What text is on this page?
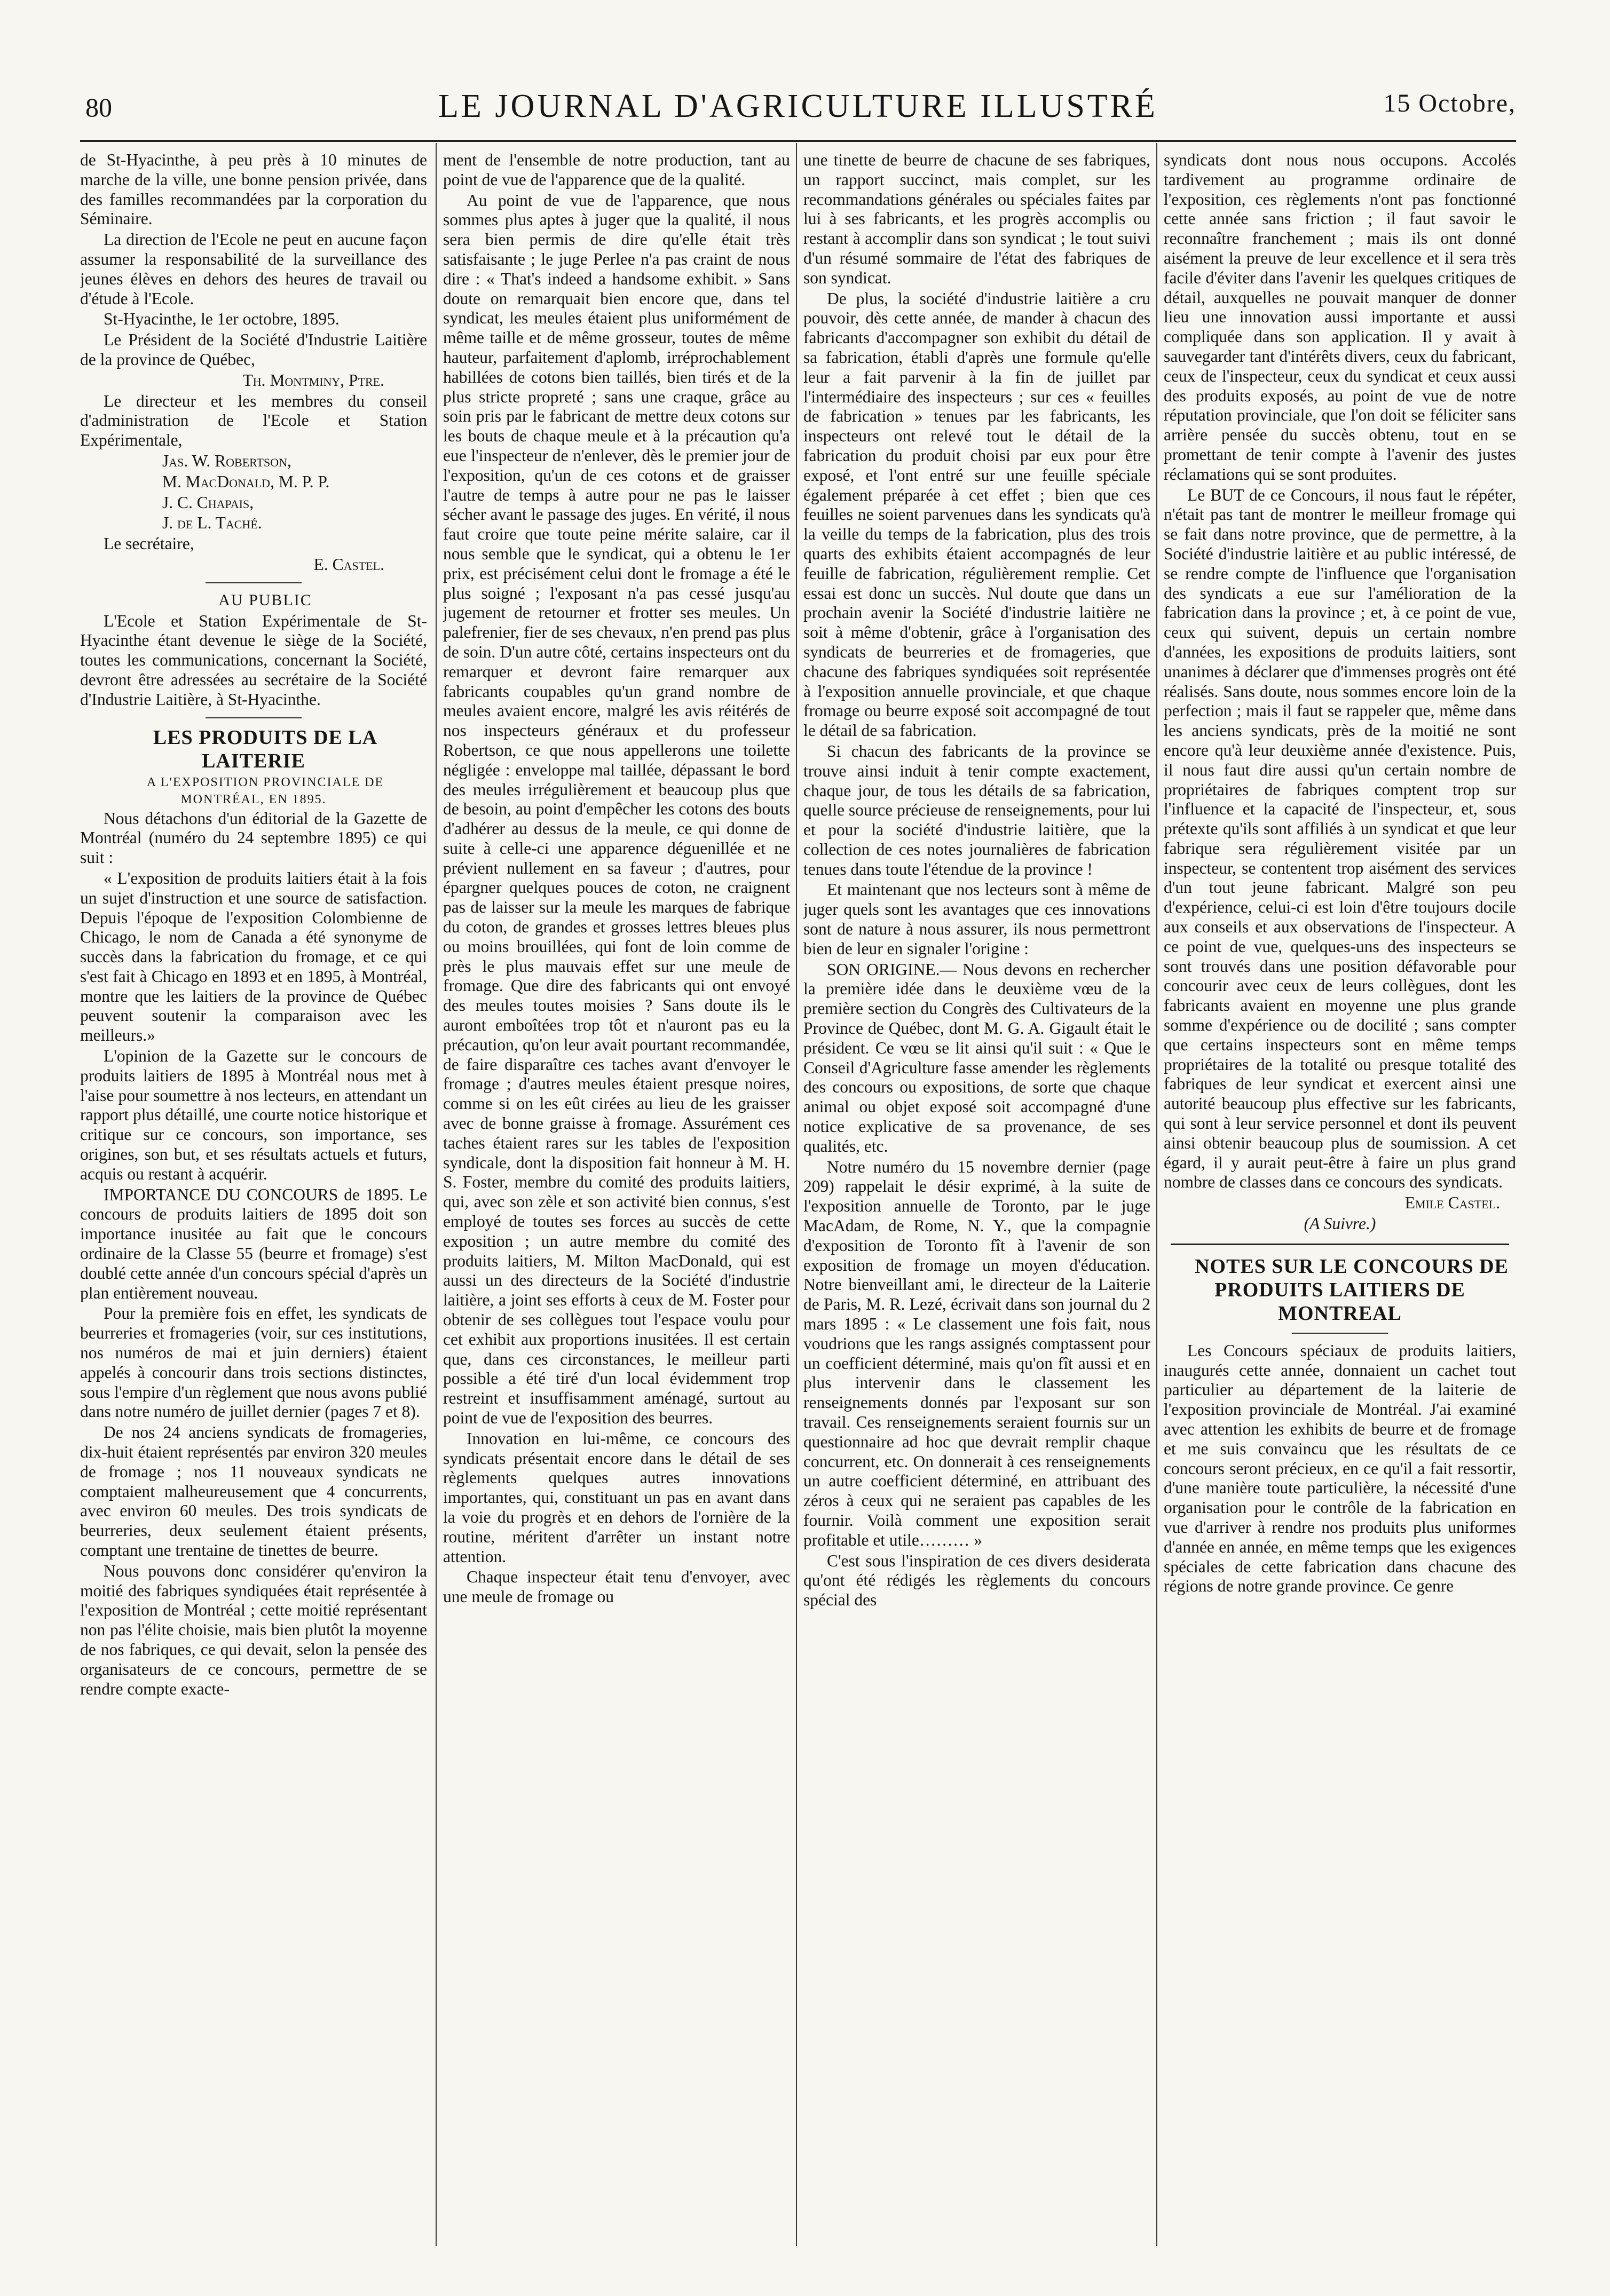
80	LE JOURNAL D'AGRICULTURE ILLUSTRÉ	15 Octobre,

de St-Hyacinthe, à peu près à 10 minutes de marche de la ville, une bonne pension privée, dans des familles recommandées par la corporation du Séminaire.

La direction de l'Ecole ne peut en aucune façon assumer la responsabilité de la surveillance des jeunes élèves en dehors des heures de travail ou d'étude à l'Ecole.

St-Hyacinthe, le 1er octobre, 1895.

Le Président de la Société d'Industrie Laitière de la province de Québec,

Th. Montminy, Ptre.

Le directeur et les membres du conseil d'administration de l'Ecole et Station Expérimentale,

Jas. W. Robertson,

M. MacDonald, M. P. P.

J. C. Chapais,

J. de L. Taché.

Le secrétaire,

E. Castel.

AU PUBLIC

L'Ecole et Station Expérimentale de St-Hyacinthe étant devenue le siège de la Société, toutes les communications, concernant la Société, devront être adressées au secrétaire de la Société d'Industrie Laitière, à St-Hyacinthe.

LES PRODUITS DE LA LAITERIE

A L'EXPOSITION PROVINCIALE DE MONTRÉAL, EN 1895.

Nous détachons d'un éditorial de la Gazette de Montréal (numéro du 24 septembre 1895) ce qui suit :

« L'exposition de produits laitiers était à la fois un sujet d'instruction et une source de satisfaction. Depuis l'époque de l'exposition Colombienne de Chicago, le nom de Canada a été synonyme de succès dans la fabrication du fromage, et ce qui s'est fait à Chicago en 1893 et en 1895, à Montréal, montre que les laitiers de la province de Québec peuvent soutenir la comparaison avec les meilleurs.»

L'opinion de la Gazette sur le concours de produits laitiers de 1895 à Montréal nous met à l'aise pour soumettre à nos lecteurs, en attendant un rapport plus détaillé, une courte notice historique et critique sur ce concours, son importance, ses origines, son but, et ses résultats actuels et futurs, acquis ou restant à acquérir.

IMPORTANCE DU CONCOURS de 1895. Le concours de produits laitiers de 1895 doit son importance inusitée au fait que le concours ordinaire de la Classe 55 (beurre et fromage) s'est doublé cette année d'un concours spécial d'après un plan entièrement nouveau.

Pour la première fois en effet, les syndicats de beurreries et fromageries (voir, sur ces institutions, nos numéros de mai et juin derniers) étaient appelés à concourir dans trois sections distinctes, sous l'empire d'un règlement que nous avons publié dans notre numéro de juillet dernier (pages 7 et 8).

De nos 24 anciens syndicats de fromageries, dix-huit étaient représentés par environ 320 meules de fromage ; nos 11 nouveaux syndicats ne comptaient malheureusement que 4 concurrents, avec environ 60 meules. Des trois syndicats de beurreries, deux seulement étaient présents, comptant une trentaine de tinettes de beurre.

Nous pouvons donc considérer qu'environ la moitié des fabriques syndiquées était représentée à l'exposition de Montréal ; cette moitié représentant non pas l'élite choisie, mais bien plutôt la moyenne de nos fabriques, ce qui devait, selon la pensée des organisateurs de ce concours, permettre de se rendre compte exacte-

ment de l'ensemble de notre production, tant au point de vue de l'apparence que de la qualité.

Au point de vue de l'apparence, que nous sommes plus aptes à juger que la qualité, il nous sera bien permis de dire qu'elle était très satisfaisante ; le juge Perlee n'a pas craint de nous dire : « That's indeed a handsome exhibit. » Sans doute on remarquait bien encore que, dans tel syndicat, les meules étaient plus uniformément de même taille et de même grosseur, toutes de même hauteur, parfaitement d'aplomb, irréprochablement habillées de cotons bien taillés, bien tirés et de la plus stricte propreté ; sans une craque, grâce au soin pris par le fabricant de mettre deux cotons sur les bouts de chaque meule et à la précaution qu'a eue l'inspecteur de n'enlever, dès le premier jour de l'exposition, qu'un de ces cotons et de graisser l'autre de temps à autre pour ne pas le laisser sécher avant le passage des juges. En vérité, il nous faut croire que toute peine mérite salaire, car il nous semble que le syndicat, qui a obtenu le 1er prix, est précisément celui dont le fromage a été le plus soigné ; l'exposant n'a pas cessé jusqu'au jugement de retourner et frotter ses meules. Un palefrenier, fier de ses chevaux, n'en prend pas plus de soin. D'un autre côté, certains inspecteurs ont du remarquer et devront faire remarquer aux fabricants coupables qu'un grand nombre de meules avaient encore, malgré les avis réitérés de nos inspecteurs généraux et du professeur Robertson, ce que nous appellerons une toilette négligée : enveloppe mal taillée, dépassant le bord des meules irrégulièrement et beaucoup plus que de besoin, au point d'empêcher les cotons des bouts d'adhérer au dessus de la meule, ce qui donne de suite à celle-ci une apparence déguenillée et ne prévient nullement en sa faveur ; d'autres, pour épargner quelques pouces de coton, ne craignent pas de laisser sur la meule les marques de fabrique du coton, de grandes et grosses lettres bleues plus ou moins brouillées, qui font de loin comme de près le plus mauvais effet sur une meule de fromage. Que dire des fabricants qui ont envoyé des meules toutes moisies ? Sans doute ils le auront emboîtées trop tôt et n'auront pas eu la précaution, qu'on leur avait pourtant recommandée, de faire disparaître ces taches avant d'envoyer le fromage ; d'autres meules étaient presque noires, comme si on les eût cirées au lieu de les graisser avec de bonne graisse à fromage. Assurément ces taches étaient rares sur les tables de l'exposition syndicale, dont la disposition fait honneur à M. H. S. Foster, membre du comité des produits laitiers, qui, avec son zèle et son activité bien connus, s'est employé de toutes ses forces au succès de cette exposition ; un autre membre du comité des produits laitiers, M. Milton MacDonald, qui est aussi un des directeurs de la Société d'industrie laitière, a joint ses efforts à ceux de M. Foster pour obtenir de ses collègues tout l'espace voulu pour cet exhibit aux proportions inusitées. Il est certain que, dans ces circonstances, le meilleur parti possible a été tiré d'un local évidemment trop restreint et insuffisamment aménagé, surtout au point de vue de l'exposition des beurres.

Innovation en lui-même, ce concours des syndicats présentait encore dans le détail de ses règlements quelques autres innovations importantes, qui, constituant un pas en avant dans la voie du progrès et en dehors de l'ornière de la routine, méritent d'arrêter un instant notre attention.

Chaque inspecteur était tenu d'envoyer, avec une meule de fromage ou

une tinette de beurre de chacune de ses fabriques, un rapport succinct, mais complet, sur les recommandations générales ou spéciales faites par lui à ses fabricants, et les progrès accomplis ou restant à accomplir dans son syndicat ; le tout suivi d'un résumé sommaire de l'état des fabriques de son syndicat.

De plus, la société d'industrie laitière a cru pouvoir, dès cette année, de mander à chacun des fabricants d'accompagner son exhibit du détail de sa fabrication, établi d'après une formule qu'elle leur a fait parvenir à la fin de juillet par l'intermédiaire des inspecteurs ; sur ces « feuilles de fabrication » tenues par les fabricants, les inspecteurs ont relevé tout le détail de la fabrication du produit choisi par eux pour être exposé, et l'ont entré sur une feuille spéciale également préparée à cet effet ; bien que ces feuilles ne soient parvenues dans les syndicats qu'à la veille du temps de la fabrication, plus des trois quarts des exhibits étaient accompagnés de leur feuille de fabrication, régulièrement remplie. Cet essai est donc un succès. Nul doute que dans un prochain avenir la Société d'industrie laitière ne soit à même d'obtenir, grâce à l'organisation des syndicats de beurreries et de fromageries, que chacune des fabriques syndiquées soit représentée à l'exposition annuelle provinciale, et que chaque fromage ou beurre exposé soit accompagné de tout le détail de sa fabrication.

Si chacun des fabricants de la province se trouve ainsi induit à tenir compte exactement, chaque jour, de tous les détails de sa fabrication, quelle source précieuse de renseignements, pour lui et pour la société d'industrie laitière, que la collection de ces notes journalières de fabrication tenues dans toute l'étendue de la province !

Et maintenant que nos lecteurs sont à même de juger quels sont les avantages que ces innovations sont de nature à nous assurer, ils nous permettront bien de leur en signaler l'origine :

SON ORIGINE.— Nous devons en rechercher la première idée dans le deuxième vœu de la première section du Congrès des Cultivateurs de la Province de Québec, dont M. G. A. Gigault était le président. Ce vœu se lit ainsi qu'il suit : « Que le Conseil d'Agriculture fasse amender les règlements des concours ou expositions, de sorte que chaque animal ou objet exposé soit accompagné d'une notice explicative de sa provenance, de ses qualités, etc.

Notre numéro du 15 novembre dernier (page 209) rappelait le désir exprimé, à la suite de l'exposition annuelle de Toronto, par le juge MacAdam, de Rome, N. Y., que la compagnie d'exposition de Toronto fît à l'avenir de son exposition de fromage un moyen d'éducation. Notre bienveillant ami, le directeur de la Laiterie de Paris, M. R. Lezé, écrivait dans son journal du 2 mars 1895 : « Le classement une fois fait, nous voudrions que les rangs assignés comptassent pour un coefficient déterminé, mais qu'on fît aussi et en plus intervenir dans le classement les renseignements donnés par l'exposant sur son travail. Ces renseignements seraient fournis sur un questionnaire ad hoc que devrait remplir chaque concurrent, etc. On donnerait à ces renseignements un autre coefficient déterminé, en attribuant des zéros à ceux qui ne seraient pas capables de les fournir. Voilà comment une exposition serait profitable et utile……… »

C'est sous l'inspiration de ces divers desiderata qu'ont été rédigés les règlements du concours spécial des

syndicats dont nous nous occupons. Accolés tardivement au programme ordinaire de l'exposition, ces règlements n'ont pas fonctionné cette année sans friction ; il faut savoir le reconnaître franchement ; mais ils ont donné aisément la preuve de leur excellence et il sera très facile d'éviter dans l'avenir les quelques critiques de détail, auxquelles ne pouvait manquer de donner lieu une innovation aussi importante et aussi compliquée dans son application. Il y avait à sauvegarder tant d'intérêts divers, ceux du fabricant, ceux de l'inspecteur, ceux du syndicat et ceux aussi des produits exposés, au point de vue de notre réputation provinciale, que l'on doit se féliciter sans arrière pensée du succès obtenu, tout en se promettant de tenir compte à l'avenir des justes réclamations qui se sont produites.

Le BUT de ce Concours, il nous faut le répéter, n'était pas tant de montrer le meilleur fromage qui se fait dans notre province, que de permettre, à la Société d'industrie laitière et au public intéressé, de se rendre compte de l'influence que l'organisation des syndicats a eue sur l'amélioration de la fabrication dans la province ; et, à ce point de vue, ceux qui suivent, depuis un certain nombre d'années, les expositions de produits laitiers, sont unanimes à déclarer que d'immenses progrès ont été réalisés. Sans doute, nous sommes encore loin de la perfection ; mais il faut se rappeler que, même dans les anciens syndicats, près de la moitié ne sont encore qu'à leur deuxième année d'existence. Puis, il nous faut dire aussi qu'un certain nombre de propriétaires de fabriques comptent trop sur l'influence et la capacité de l'inspecteur, et, sous prétexte qu'ils sont affiliés à un syndicat et que leur fabrique sera régulièrement visitée par un inspecteur, se contentent trop aisément des services d'un tout jeune fabricant. Malgré son peu d'expérience, celui-ci est loin d'être toujours docile aux conseils et aux observations de l'inspecteur. A ce point de vue, quelques-uns des inspecteurs se sont trouvés dans une position défavorable pour concourir avec ceux de leurs collègues, dont les fabricants avaient en moyenne une plus grande somme d'expérience ou de docilité ; sans compter que certains inspecteurs sont en même temps propriétaires de la totalité ou presque totalité des fabriques de leur syndicat et exercent ainsi une autorité beaucoup plus effective sur les fabricants, qui sont à leur service personnel et dont ils peuvent ainsi obtenir beaucoup plus de soumission. A cet égard, il y aurait peut-être à faire un plus grand nombre de classes dans ce concours des syndicats.

Emile Castel.

(A Suivre.)

NOTES SUR LE CONCOURS DE PRODUITS LAITIERS DE MONTREAL

Les Concours spéciaux de produits laitiers, inaugurés cette année, donnaient un cachet tout particulier au département de la laiterie de l'exposition provinciale de Montréal. J'ai examiné avec attention les exhibits de beurre et de fromage et me suis convaincu que les résultats de ce concours seront précieux, en ce qu'il a fait ressortir, d'une manière toute particulière, la nécessité d'une organisation pour le contrôle de la fabrication en vue d'arriver à rendre nos produits plus uniformes d'année en année, en même temps que les exigences spéciales de cette fabrication dans chacune des régions de notre grande province. Ce genre
